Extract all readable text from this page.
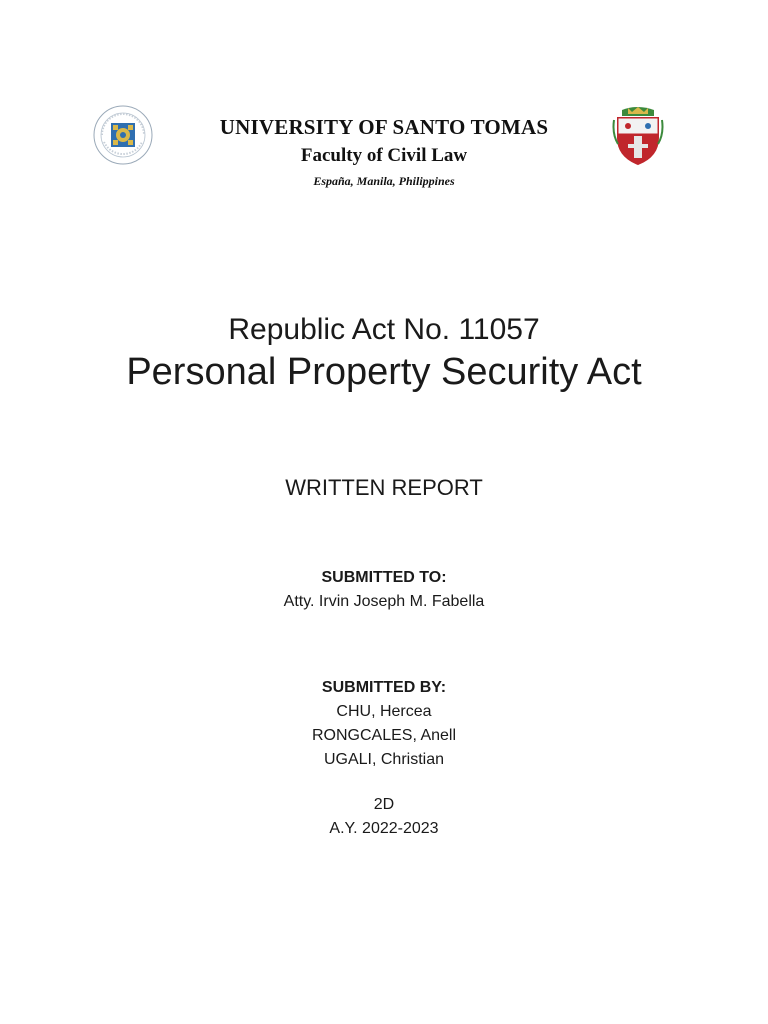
UNIVERSITY OF SANTO TOMAS
Faculty of Civil Law
España, Manila, Philippines
Republic Act No. 11057
Personal Property Security Act
WRITTEN REPORT
SUBMITTED TO:
Atty. Irvin Joseph M. Fabella
SUBMITTED BY:
CHU, Hercea
RONGCALES, Anell
UGALI, Christian
2D
A.Y. 2022-2023
